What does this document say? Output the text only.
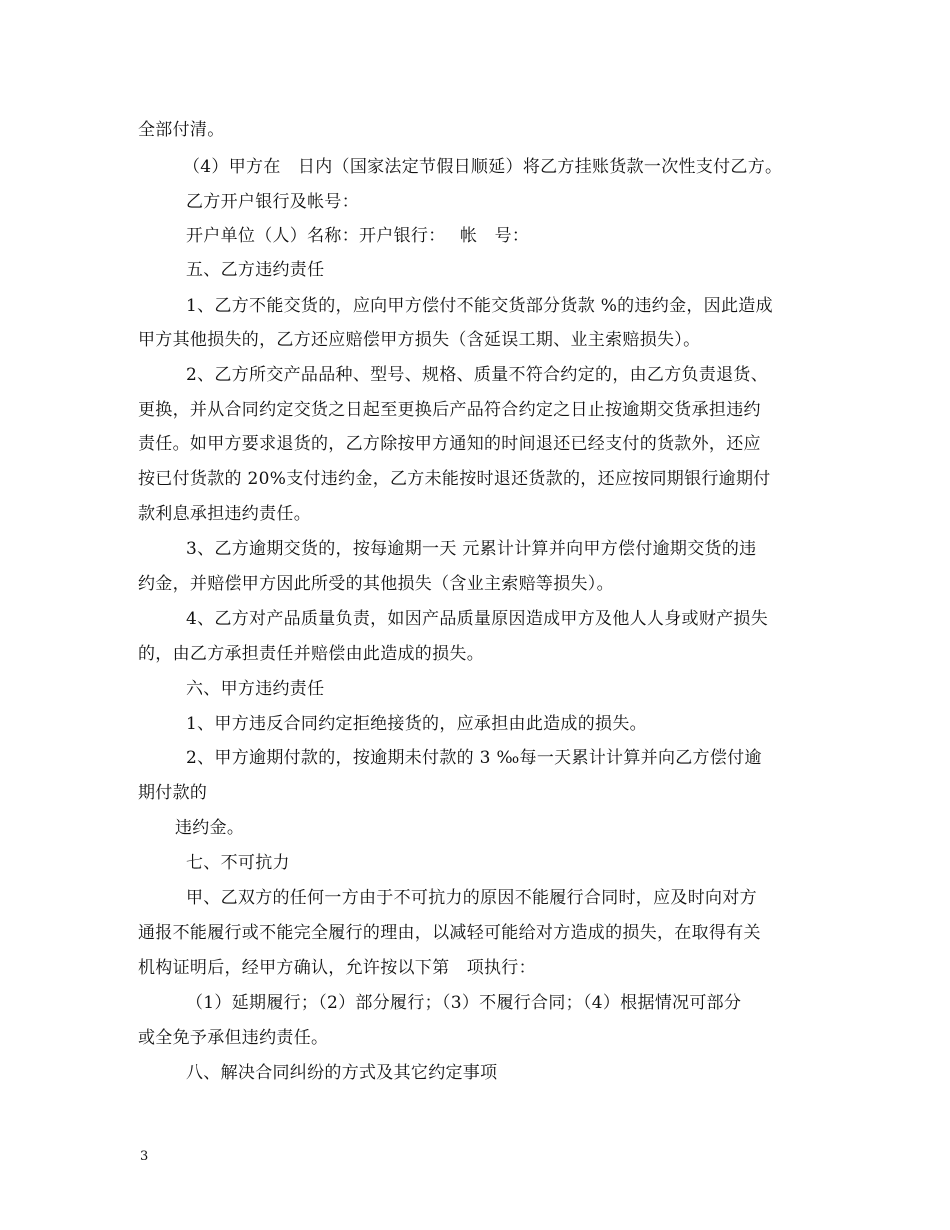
全部付清。
（4）甲方在　日内（国家法定节假日顺延）将乙方挂账货款一次性支付乙方。
乙方开户银行及帐号：
开户单位（人）名称：开户银行：　 帐　号：
五、乙方违约责任
1、乙方不能交货的，应向甲方偿付不能交货部分货款 %的违约金，因此造成
甲方其他损失的，乙方还应赔偿甲方损失（含延误工期、业主索赔损失）。
2、乙方所交产品品种、型号、规格、质量不符合约定的，由乙方负责退货、
更换，并从合同约定交货之日起至更换后产品符合约定之日止按逾期交货承担违约
责任。如甲方要求退货的，乙方除按甲方通知的时间退还已经支付的货款外，还应
按已付货款的 20%支付违约金，乙方未能按时退还货款的，还应按同期银行逾期付
款利息承担违约责任。
3、乙方逾期交货的，按每逾期一天 元累计计算并向甲方偿付逾期交货的违
约金，并赔偿甲方因此所受的其他损失（含业主索赔等损失）。
4、乙方对产品质量负责，如因产品质量原因造成甲方及他人人身或财产损失
的，由乙方承担责任并赔偿由此造成的损失。
六、甲方违约责任
1、甲方违反合同约定拒绝接货的，应承担由此造成的损失。
2、甲方逾期付款的，按逾期未付款的 3 ‰每一天累计计算并向乙方偿付逾
期付款的
违约金。
七、不可抗力
甲、乙双方的任何一方由于不可抗力的原因不能履行合同时，应及时向对方
通报不能履行或不能完全履行的理由，以减轻可能给对方造成的损失，在取得有关
机构证明后，经甲方确认，允许按以下第　项执行：
（1）延期履行；（2）部分履行；（3）不履行合同；（4）根据情况可部分
或全免予承但违约责任。
八、解决合同纠纷的方式及其它约定事项
3
